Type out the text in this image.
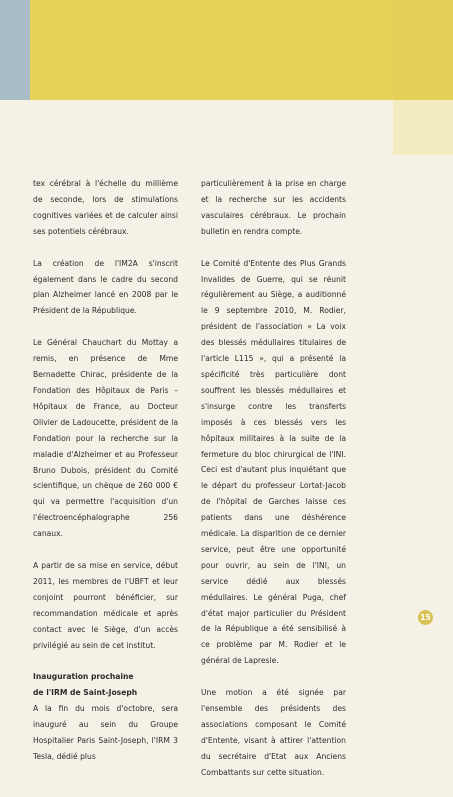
tex cérébral à l'échelle du millième de seconde, lors de stimulations cognitives variées et de calculer ainsi ses potentiels cérébraux.

La création de l'IM2A s'inscrit également dans le cadre du second plan Alzheimer lancé en 2008 par le Président de la République.

Le Général Chauchart du Mottay a remis, en présence de Mme Bernadette Chirac, présidente de la Fondation des Hôpitaux de Paris – Hôpitaux de France, au Docteur Olivier de Ladoucette, président de la Fondation pour la recherche sur la maladie d'Alzheimer et au Professeur Bruno Dubois, président du Comité scientifique, un chèque de 260 000 € qui va permettre l'acquisition d'un l'électroencéphalographe 256 canaux.

A partir de sa mise en service, début 2011, les membres de l'UBFT et leur conjoint pourront bénéficier, sur recommandation médicale et après contact avec le Siège, d'un accès privilégié au sein de cet institut.

Inauguration prochaine
de l'IRM de Saint-Joseph

A la fin du mois d'octobre, sera inauguré au sein du Groupe Hospitalier Paris Saint-Joseph, l'IRM 3 Tesla, dédié plus

particulièrement à la prise en charge et la recherche sur les accidents vasculaires cérébraux. Le prochain bulletin en rendra compte.

Le Comité d'Entente des Plus Grands Invalides de Guerre, qui se réunit régulièrement au Siège, a auditionné le 9 septembre 2010, M. Rodier, président de l'association « La voix des blessés médullaires titulaires de l'article L115 », qui a présenté la spécificité très particulière dont souffrent les blessés médullaires et s'insurge contre les transferts imposés à ces blessés vers les hôpitaux militaires à la suite de la fermeture du bloc chirurgical de l'INI. Ceci est d'autant plus inquiétant que le départ du professeur Lortat-Jacob de l'hôpital de Garches laisse ces patients dans une déshérence médicale. La disparition de ce dernier service, peut être une opportunité pour ouvrir, au sein de l'INI, un service dédié aux blessés médullaires. Le général Puga, chef d'état major particulier du Président de la République a été sensibilisé à ce problème par M. Rodier et le général de Lapresle.

Une motion a été signée par l'ensemble des présidents des associations composant le Comité d'Entente, visant à attirer l'attention du secrétaire d'Etat aux Anciens Combattants sur cette situation.

15
